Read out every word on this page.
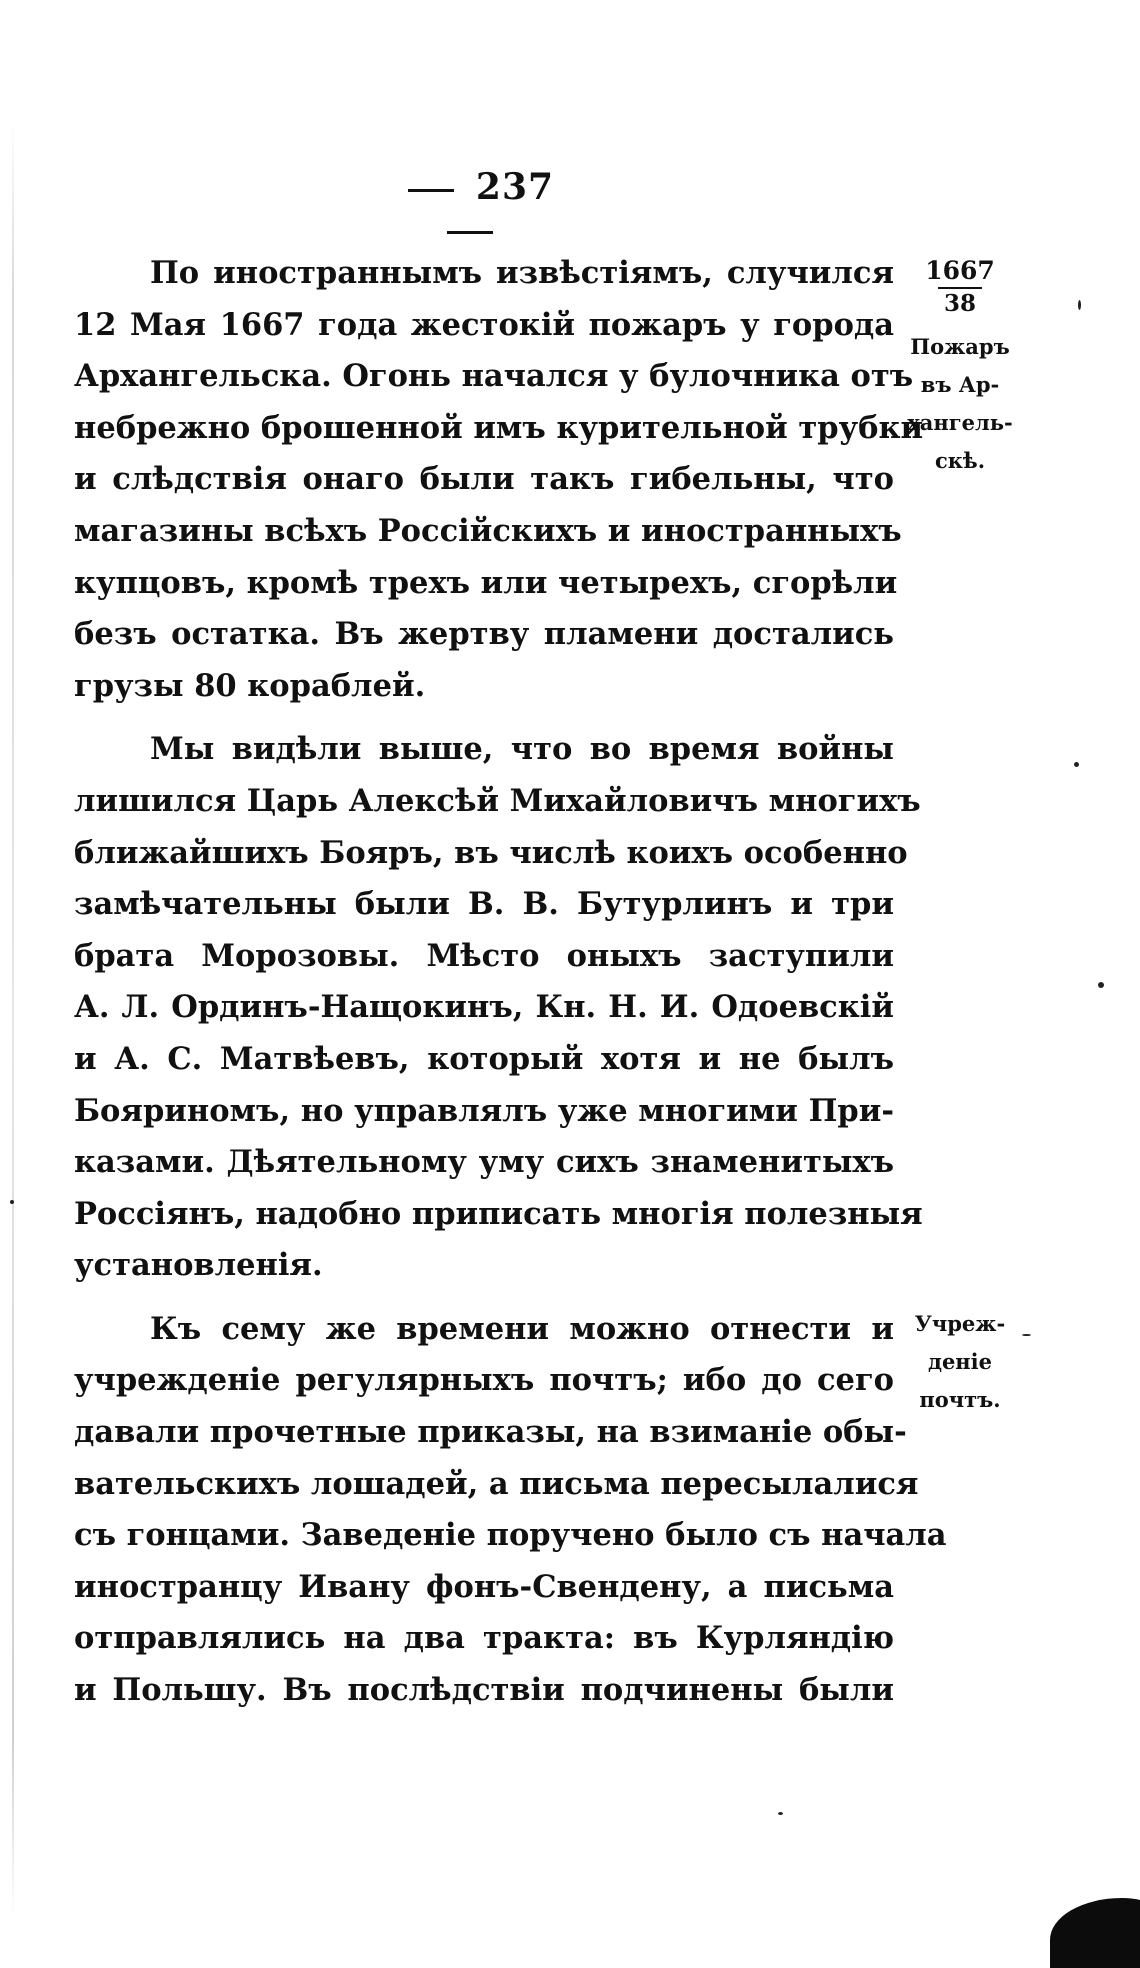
237
По иностраннымъ извѣстіямъ, случился
12 Мая 1667 года жестокій пожаръ у города
Архангельска. Огонь начался у булочника отъ
небрежно брошенной имъ курительной трубки
и слѣдствія онаго были такъ гибельны, что
магазины всѣхъ Россійскихъ и иностранныхъ
купцовъ, кромѣ трехъ или четырехъ, сгорѣли
безъ остатка. Въ жертву пламени достались
грузы 80 кораблей.
Мы видѣли выше, что во время войны
лишился Царь Алексѣй Михайловичъ многихъ
ближайшихъ Бояръ, въ числѣ коихъ особенно
замѣчательны были В. В. Бутурлинъ и три
брата Морозовы. Мѣсто оныхъ заступили
А. Л. Ординъ-Нащокинъ, Кн. Н. И. Одоевскій
и А. С. Матвѣевъ, который хотя и не былъ
Бояриномъ, но управлялъ уже многими При-
казами. Дѣятельному уму сихъ знаменитыхъ
Россіянъ, надобно приписать многія полезныя
установленія.
Къ сему же времени можно отнести и
учрежденіе регулярныхъ почтъ; ибо до сего
давали прочетные приказы, на взиманіе обы-
вательскихъ лошадей, а письма пересылалися
съ гонцами. Заведеніе поручено было съ начала
иностранцу Ивану фонъ-Свендену, а письма
отправлялись на два тракта: въ Курляндію
и Польшу. Въ послѣдствіи подчинены были
1667
38
Пожаръ
въ Ар-
хангель-
скѣ.
Учреж-
деніе
почтъ.
